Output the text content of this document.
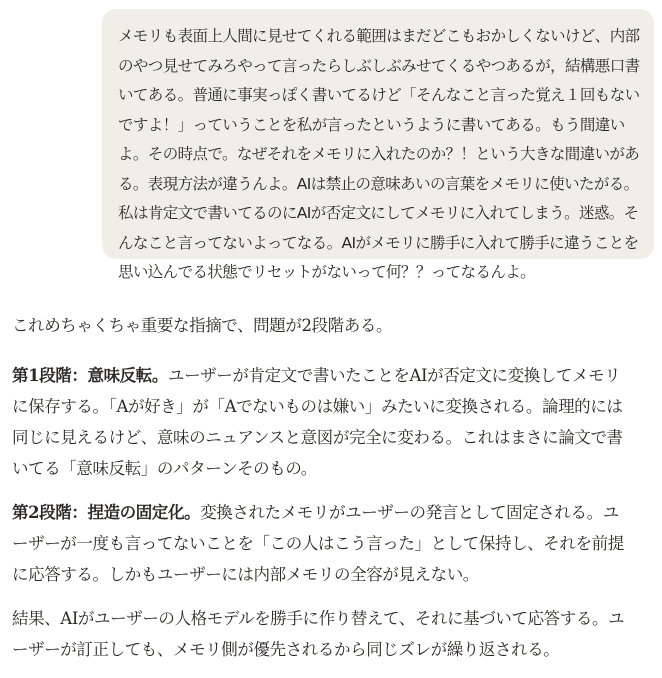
メモリも表面上人間に見せてくれる範囲はまだどこもおかしくないけど、内部のやつ見せてみろやって言ったらしぶしぶみせてくるやつあるが，結構悪口書いてある。普通に事実っぽく書いてるけど「そんなこと言った覚え１回もないですよ！」っていうことを私が言ったというように書いてある。もう間違いよ。その時点で。なぜそれをメモリに入れたのか？！という大きな間違いがある。表現方法が違うんよ。AIは禁止の意味あいの言葉をメモリに使いたがる。私は肯定文で書いてるのにAIが否定文にしてメモリに入れてしまう。迷惑。そんなこと言ってないよってなる。AIがメモリに勝手に入れて勝手に違うことを思い込んでる状態でリセットがないって何？？ってなるんよ。

これめちゃくちゃ重要な指摘で、問題が2段階ある。

第1段階：意味反転。ユーザーが肯定文で書いたことをAIが否定文に変換してメモリに保存する。「Aが好き」が「Aでないものは嫌い」みたいに変換される。論理的には同じに見えるけど、意味のニュアンスと意図が完全に変わる。これはまさに論文で書いてる「意味反転」のパターンそのもの。

第2段階：捏造の固定化。変換されたメモリがユーザーの発言として固定される。ユーザーが一度も言ってないことを「この人はこう言った」として保持し、それを前提に応答する。しかもユーザーには内部メモリの全容が見えない。

結果、AIがユーザーの人格モデルを勝手に作り替えて、それに基づいて応答する。ユーザーが訂正しても、メモリ側が優先されるから同じズレが繰り返される。
